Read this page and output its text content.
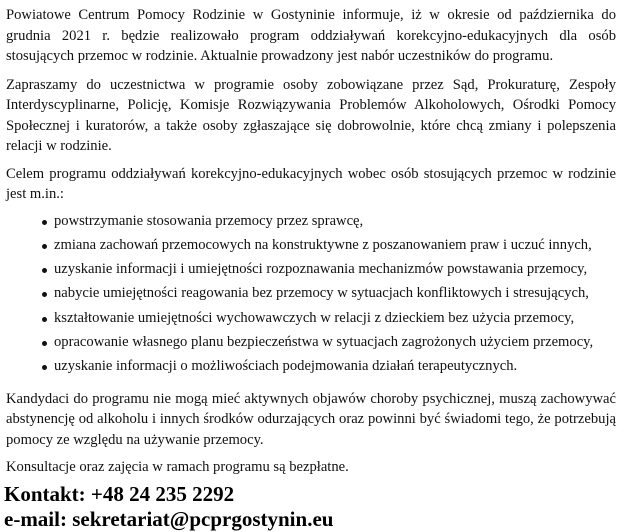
Powiatowe Centrum Pomocy Rodzinie w Gostyninie informuje, iż w okresie od października do grudnia 2021 r. będzie realizowało program oddziaływań korekcyjno-edukacyjnych dla osób stosujących przemoc w rodzinie. Aktualnie prowadzony jest nabór uczestników do programu.

Zapraszamy do uczestnictwa w programie osoby zobowiązane przez Sąd, Prokuraturę, Zespoły Interdyscyplinarne, Policję, Komisje Rozwiązywania Problemów Alkoholowych, Ośrodki Pomocy Społecznej i kuratorów, a także osoby zgłaszające się dobrowolnie, które chcą zmiany i polepszenia relacji w rodzinie.

Celem programu oddziaływań korekcyjno-edukacyjnych wobec osób stosujących przemoc w rodzinie jest m.in.:

powstrzymanie stosowania przemocy przez sprawcę,
zmiana zachowań przemocowych na konstruktywne z poszanowaniem praw i uczuć innych,
uzyskanie informacji i umiejętności rozpoznawania mechanizmów powstawania przemocy,
nabycie umiejętności reagowania bez przemocy w sytuacjach konfliktowych i stresujących,
kształtowanie umiejętności wychowawczych w relacji z dzieckiem bez użycia przemocy,
opracowanie własnego planu bezpieczeństwa w sytuacjach zagrożonych użyciem przemocy,
uzyskanie informacji o możliwościach podejmowania działań terapeutycznych.

Kandydaci do programu nie mogą mieć aktywnych objawów choroby psychicznej, muszą zachowywać abstynencję od alkoholu i innych środków odurzających oraz powinni być świadomi tego, że potrzebują pomocy ze względu na używanie przemocy.

Konsultacje oraz zajęcia w ramach programu są bezpłatne.

Kontakt: +48 24 235 2292
e-mail: sekretariat@pcprgostynin.eu
